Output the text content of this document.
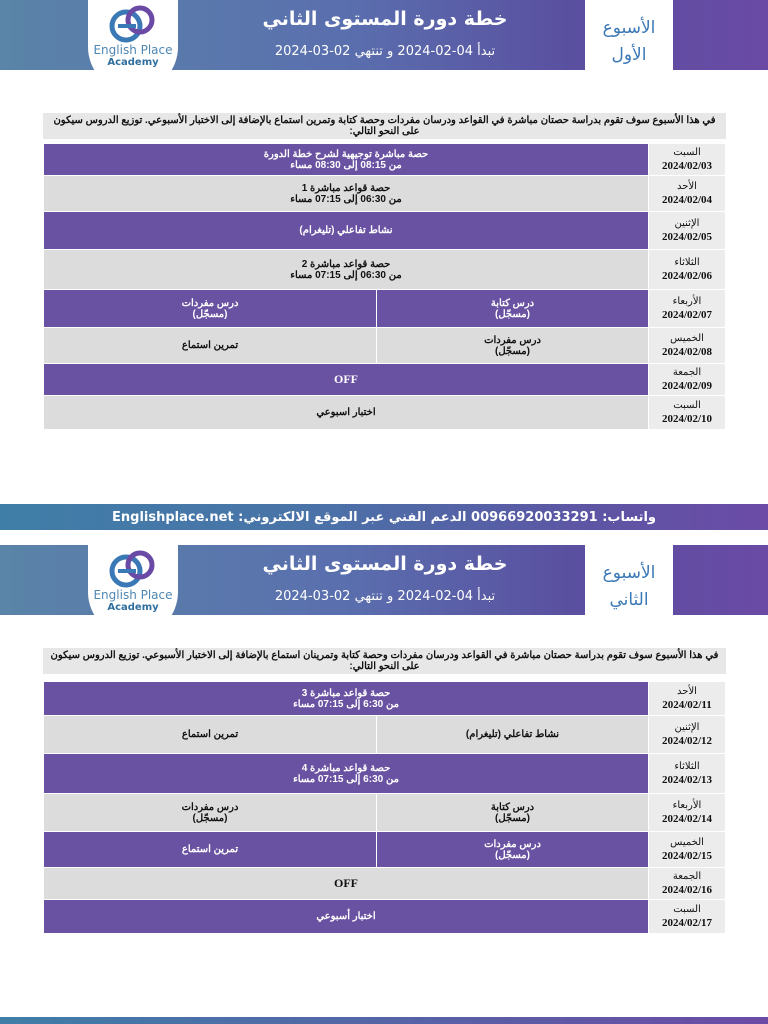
English Place
Academy
خطة دورة المستوى الثاني
تبدأ 04-02-2024 و تنتهي 02-03-2024
الأسبوع
الأول
في هذا الأسبوع سوف تقوم بدراسة حصتان مباشرة في القواعد ودرسان مفردات وحصة كتابة وتمرين استماع بالإضافة إلى الاختبار الأسبوعي. توزيع الدروس سيكون على النحو التالي:
السبت
2024/02/03	حصة مباشرة توجيهية لشرح خطة الدورة
من 08:15 إلى 08:30 مساء	

الأحد
2024/02/04	حصة قواعد مباشرة 1
من 06:30 إلى 07:15 مساء	

الإثنين
2024/02/05	نشاط تفاعلي (تليغرام)	

الثلاثاء
2024/02/06	حصة قواعد مباشرة 2
من 06:30 إلى 07:15 مساء	

الأربعاء
2024/02/07	درس كتابة
(مسجّل)	درس مفردات
(مسجّل)

الخميس
2024/02/08	درس مفردات
(مسجّل)	تمرين استماع

الجمعة
2024/02/09	OFF	

السبت
2024/02/10	اختبار اسبوعي	
واتساب: 00966920033291 الدعم الفني عبر الموقع الالكتروني: Englishplace.net
English Place
Academy
خطة دورة المستوى الثاني
تبدأ 04-02-2024 و تنتهي 02-03-2024
الأسبوع
الثاني
في هذا الأسبوع سوف تقوم بدراسة حصتان مباشرة في القواعد ودرسان مفردات وحصة كتابة وتمرينان استماع بالإضافة إلى الاختبار الأسبوعي. توزيع الدروس سيكون على النحو التالي:
الأحد
2024/02/11	حصة قواعد مباشرة 3
من 6:30 إلى 07:15 مساء	

الإثنين
2024/02/12	نشاط تفاعلي (تليغرام)	تمرين استماع

الثلاثاء
2024/02/13	حصة قواعد مباشرة 4
من 6:30 إلى 07:15 مساء	

الأربعاء
2024/02/14	درس كتابة
(مسجّل)	درس مفردات
(مسجّل)

الخميس
2024/02/15	درس مفردات
(مسجّل)	تمرين استماع

الجمعة
2024/02/16	OFF	

السبت
2024/02/17	اختبار أسبوعي	
